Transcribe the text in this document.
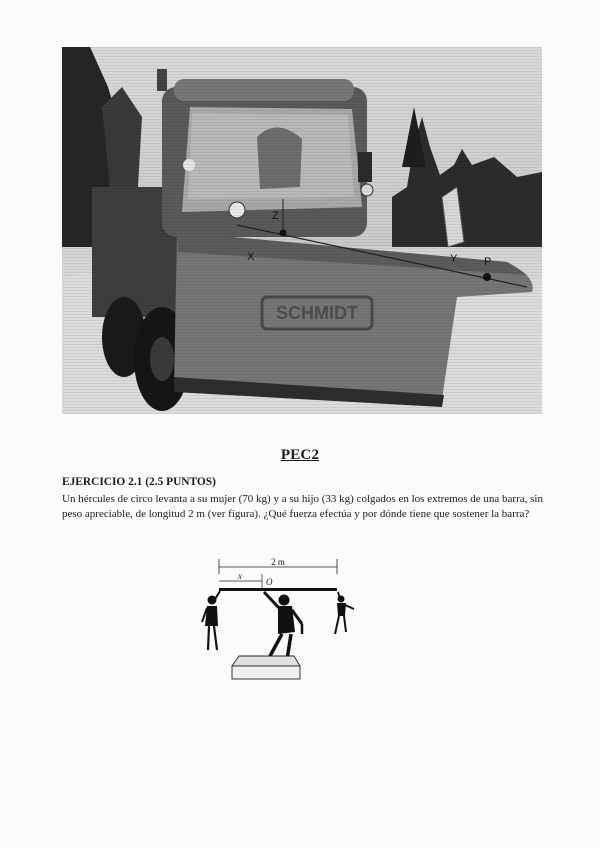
PEC2
EJERCICIO 2.1 (2.5 PUNTOS)
Un hércules de circo levanta a su mujer (70 kg) y a su hijo (33 kg) colgados en los extremos de una barra, sin peso apreciable, de longitud 2 m (ver figura). ¿Qué fuerza efectúa y por dónde tiene que sostener la barra?
2 m
x
O
